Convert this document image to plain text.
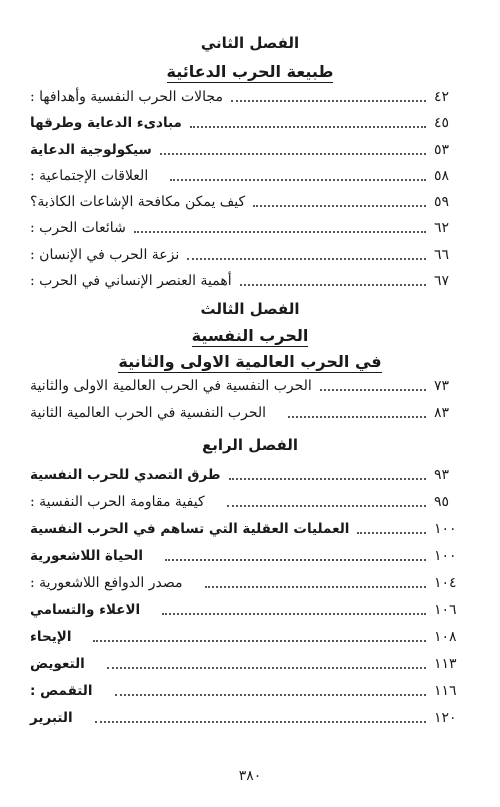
الفصل الثاني
طبيعة الحرب الدعائية
مجالات الحرب النفسية وأهدافها :	٤٢
مبادىء الدعاية وطرقها	٤٥
سيكولوجية الدعاية	٥٣
العلاقات الإجتماعية :	٥٨
كيف يمكن مكافحة الإشاعات الكاذبة؟	٥٩
شائعات الحرب :	٦٢
نزعة الحرب في الإنسان :	٦٦
أهمية العنصر الإنساني في الحرب :	٦٧
الفصل الثالث
الحرب النفسية
في الحرب العالمية الاولى والثانية
الحرب النفسية في الحرب العالمية الاولى والثانية	٧٣
الحرب النفسية في الحرب العالمية الثانية	٨٣
الفصل الرابع
طرق التصدي للحرب النفسية	٩٣
كيفية مقاومة الحرب النفسية :	٩٥
العمليات العقلية التي تساهم في الحرب النفسية	١٠٠
الحياة اللاشعورية	١٠٠
مصدر الدوافع اللاشعورية :	١٠٤
الاعلاء والتسامي	١٠٦
الإيحاء	١٠٨
التعويض	١١٣
التقمص :	١١٦
التبرير	١٢٠
٣٨٠
